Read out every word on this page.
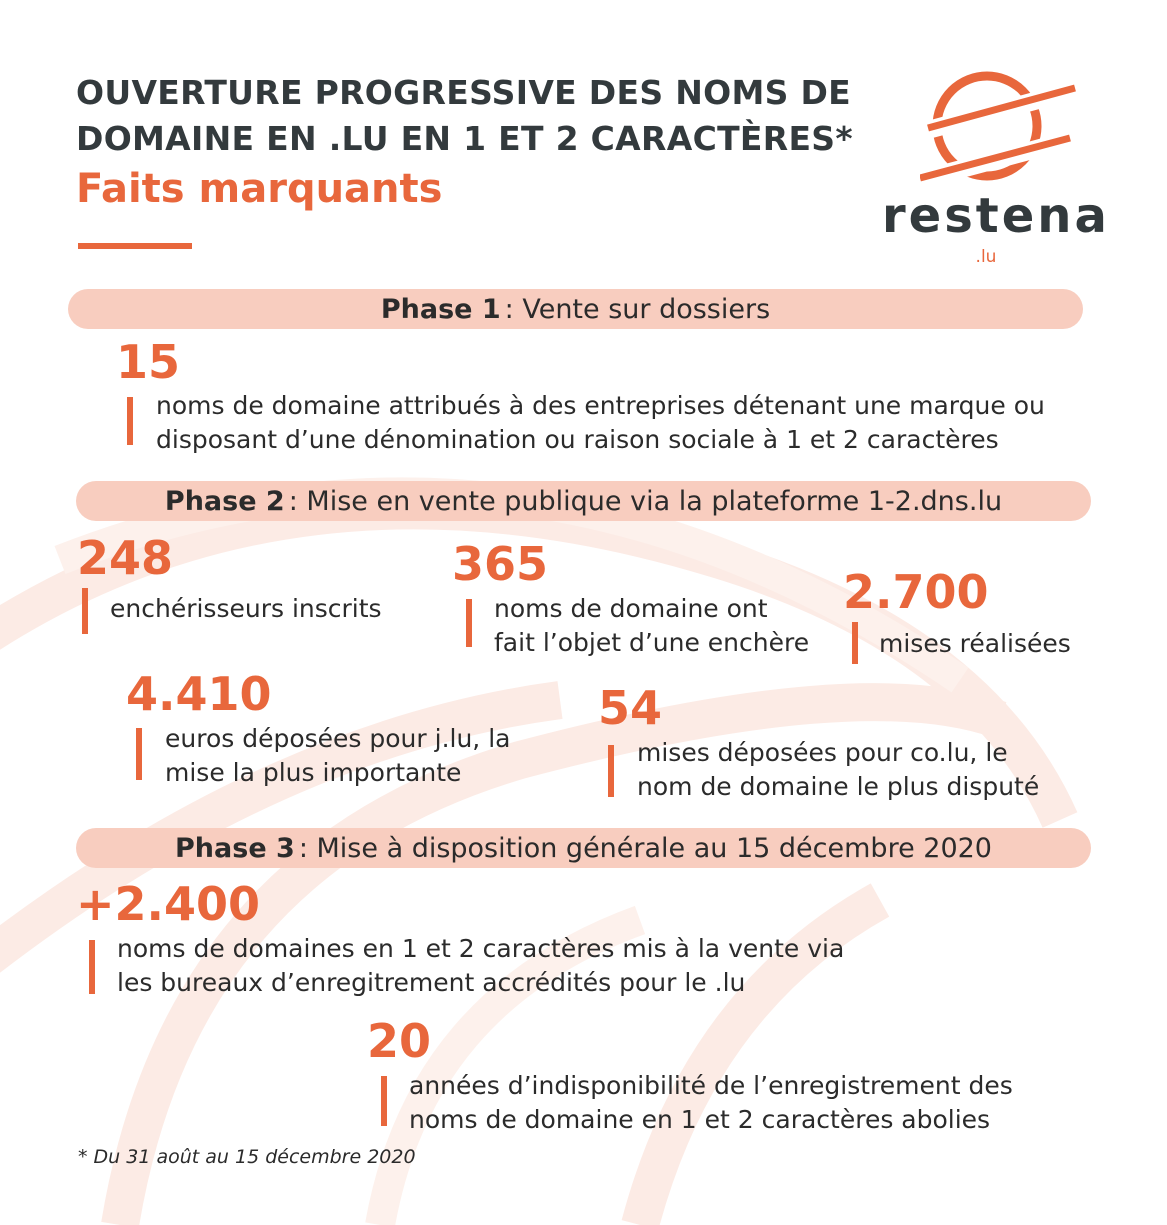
OUVERTURE PROGRESSIVE DES NOMS DE
DOMAINE EN .LU EN 1 ET 2 CARACTÈRES*
Faits marquants	restena
.lu
Phase 1 : Vente sur dossiers
15
noms de domaine attribués à des entreprises détenant une marque ou
disposant d’une dénomination ou raison sociale à 1 et 2 caractères
Phase 2 : Mise en vente publique via la plateforme 1-2.dns.lu
248
enchérisseurs inscrits
365
noms de domaine ont
fait l’objet d’une enchère
2.700
mises réalisées
4.410
euros déposées pour j.lu, la
mise la plus importante
54
mises déposées pour co.lu, le
nom de domaine le plus disputé
Phase 3 : Mise à disposition générale au 15 décembre 2020
+2.400
noms de domaines en 1 et 2 caractères mis à la vente via
les bureaux d’enregitrement accrédités pour le .lu
20
années d’indisponibilité de l’enregistrement des
noms de domaine en 1 et 2 caractères abolies
* Du 31 août au 15 décembre 2020
